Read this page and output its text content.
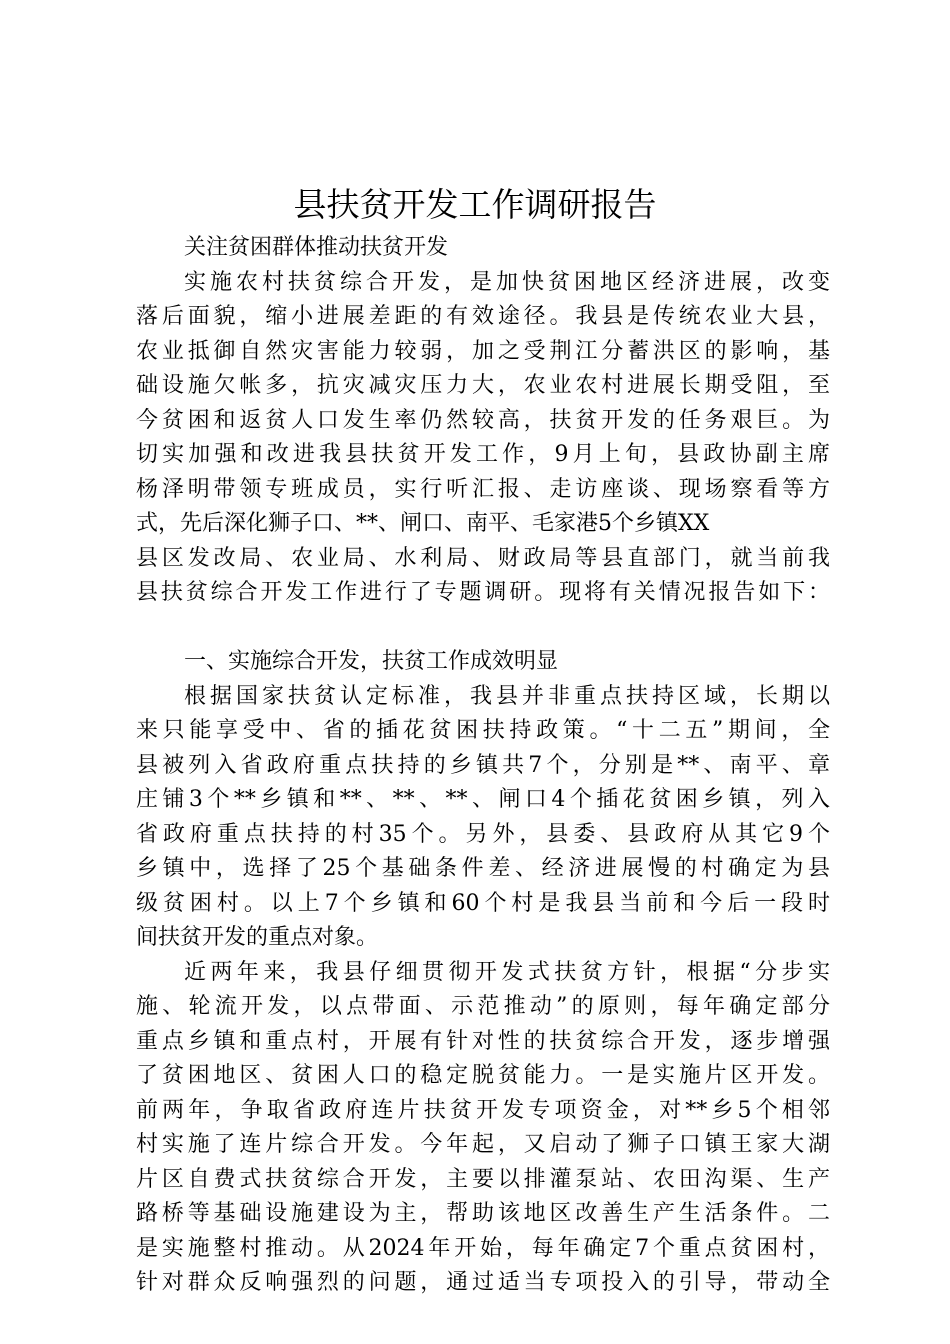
县扶贫开发工作调研报告
关注贫困群体推动扶贫开发
实施农村扶贫综合开发，是加快贫困地区经济进展，改变
落后面貌，缩小进展差距的有效途径。我县是传统农业大县，
农业抵御自然灾害能力较弱，加之受荆江分蓄洪区的影响，基
础设施欠帐多，抗灾减灾压力大，农业农村进展长期受阻，至
今贫困和返贫人口发生率仍然较高，扶贫开发的任务艰巨。为
切实加强和改进我县扶贫开发工作，9月上旬，县政协副主席
杨泽明带领专班成员，实行听汇报、走访座谈、现场察看等方
式，先后深化狮子口、**、闸口、南平、毛家港5个乡镇XX
县区发改局、农业局、水利局、财政局等县直部门，就当前我
县扶贫综合开发工作进行了专题调研。现将有关情况报告如下：
一、实施综合开发，扶贫工作成效明显
根据国家扶贫认定标准，我县并非重点扶持区域，长期以
来只能享受中、省的插花贫困扶持政策。“十二五”期间，全
县被列入省政府重点扶持的乡镇共7个，分别是**、南平、章
庄铺3个**乡镇和**、**、**、闸口4个插花贫困乡镇，列入
省政府重点扶持的村35个。另外，县委、县政府从其它9个
乡镇中，选择了25个基础条件差、经济进展慢的村确定为县
级贫困村。以上7个乡镇和60个村是我县当前和今后一段时
间扶贫开发的重点对象。
近两年来，我县仔细贯彻开发式扶贫方针，根据“分步实
施、轮流开发，以点带面、示范推动”的原则，每年确定部分
重点乡镇和重点村，开展有针对性的扶贫综合开发，逐步增强
了贫困地区、贫困人口的稳定脱贫能力。一是实施片区开发。
前两年，争取省政府连片扶贫开发专项资金，对**乡5个相邻
村实施了连片综合开发。今年起，又启动了狮子口镇王家大湖
片区自费式扶贫综合开发，主要以排灌泵站、农田沟渠、生产
路桥等基础设施建设为主，帮助该地区改善生产生活条件。二
是实施整村推动。从2024年开始，每年确定7个重点贫困村，
针对群众反响强烈的问题，通过适当专项投入的引导，带动全
